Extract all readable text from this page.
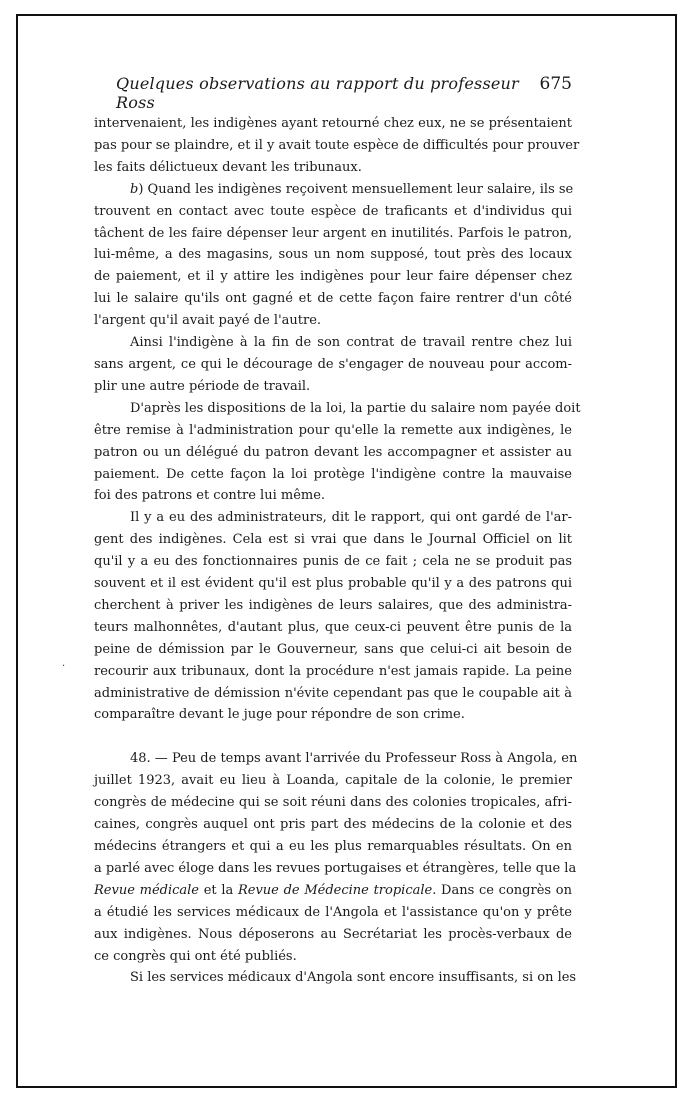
Quelques observations au rapport du professeur Ross
675

intervenaient, les indigènes ayant retourné chez eux, ne se présentaient
pas pour se plaindre, et il y avait toute espèce de difficultés pour prouver
les faits délictueux devant les tribunaux.

b) Quand les indigènes reçoivent mensuellement leur salaire, ils se
trouvent en contact avec toute espèce de traficants et d'individus qui
tâchent de les faire dépenser leur argent en inutilités. Parfois le patron,
lui-même, a des magasins, sous un nom supposé, tout près des locaux
de paiement, et il y attire les indigènes pour leur faire dépenser chez
lui le salaire qu'ils ont gagné et de cette façon faire rentrer d'un côté
l'argent qu'il avait payé de l'autre.

Ainsi l'indigène à la fin de son contrat de travail rentre chez lui
sans argent, ce qui le décourage de s'engager de nouveau pour accom-
plir une autre période de travail.

D'après les dispositions de la loi, la partie du salaire nom payée doit
être remise à l'administration pour qu'elle la remette aux indigènes, le
patron ou un délégué du patron devant les accompagner et assister au
paiement. De cette façon la loi protège l'indigène contre la mauvaise
foi des patrons et contre lui même.

Il y a eu des administrateurs, dit le rapport, qui ont gardé de l'ar-
gent des indigènes. Cela est si vrai que dans le Journal Officiel on lit
qu'il y a eu des fonctionnaires punis de ce fait ; cela ne se produit pas
souvent et il est évident qu'il est plus probable qu'il y a des patrons qui
cherchent à priver les indigènes de leurs salaires, que des administra-
teurs malhonnêtes, d'autant plus, que ceux-ci peuvent être punis de la
peine de démission par le Gouverneur, sans que celui-ci ait besoin de
recourir aux tribunaux, dont la procédure n'est jamais rapide. La peine
administrative de démission n'évite cependant pas que le coupable ait à
comparaître devant le juge pour répondre de son crime.

48. — Peu de temps avant l'arrivée du Professeur Ross à Angola, en
juillet 1923, avait eu lieu à Loanda, capitale de la colonie, le premier
congrès de médecine qui se soit réuni dans des colonies tropicales, afri-
caines, congrès auquel ont pris part des médecins de la colonie et des
médecins étrangers et qui a eu les plus remarquables résultats. On en
a parlé avec éloge dans les revues portugaises et étrangères, telle que la
Revue médicale et la Revue de Médecine tropicale. Dans ce congrès on
a étudié les services médicaux de l'Angola et l'assistance qu'on y prête
aux indigènes. Nous déposerons au Secrétariat les procès-verbaux de
ce congrès qui ont été publiés.

Si les services médicaux d'Angola sont encore insuffisants, si on les

·
